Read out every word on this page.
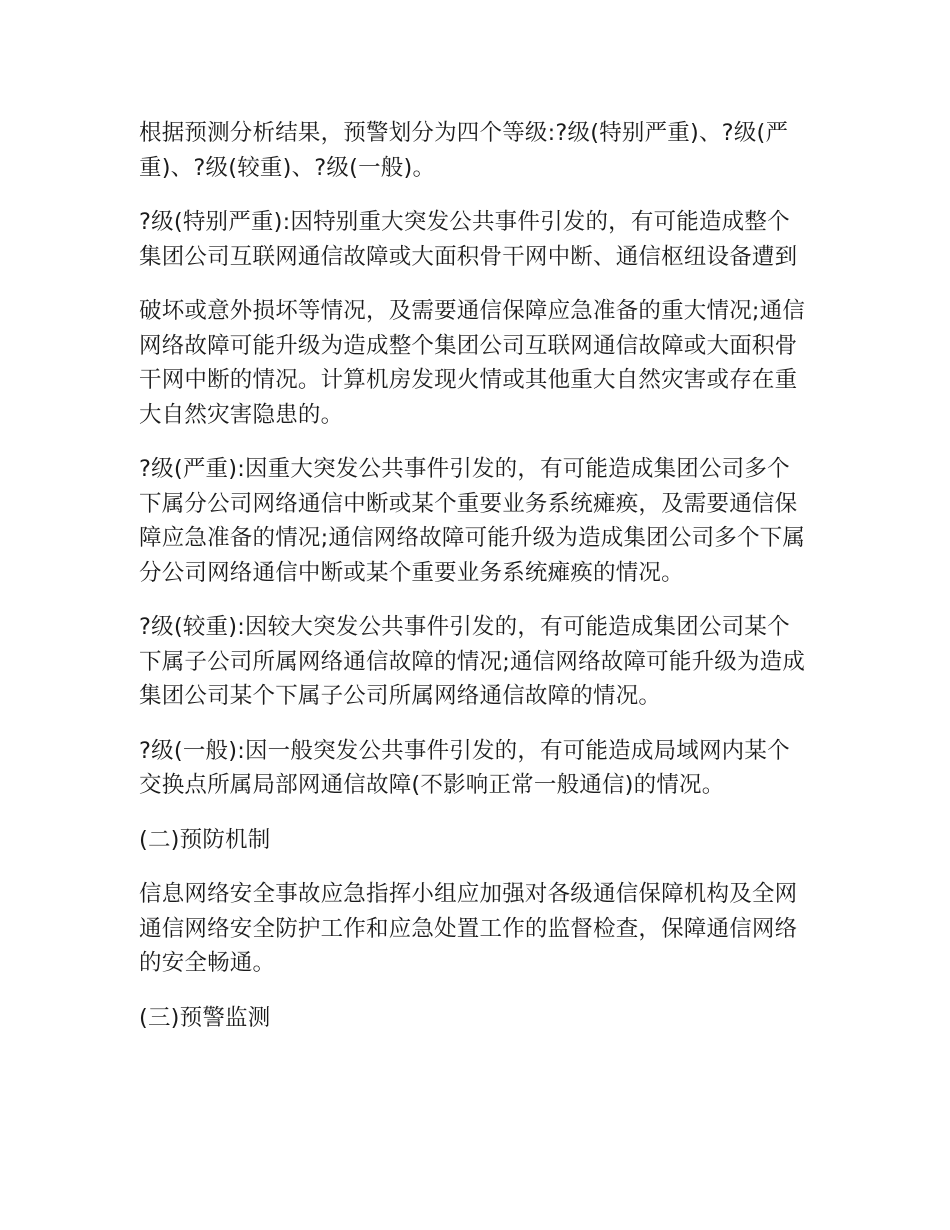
根据预测分析结果，预警划分为四个等级:?级(特别严重)、?级(严重)、?级(较重)、?级(一般)。

?级(特别严重):因特别重大突发公共事件引发的，有可能造成整个集团公司互联网通信故障或大面积骨干网中断、通信枢纽设备遭到

破坏或意外损坏等情况，及需要通信保障应急准备的重大情况;通信网络故障可能升级为造成整个集团公司互联网通信故障或大面积骨干网中断的情况。计算机房发现火情或其他重大自然灾害或存在重大自然灾害隐患的。

?级(严重):因重大突发公共事件引发的，有可能造成集团公司多个下属分公司网络通信中断或某个重要业务系统瘫痪，及需要通信保障应急准备的情况;通信网络故障可能升级为造成集团公司多个下属分公司网络通信中断或某个重要业务系统瘫痪的情况。

?级(较重):因较大突发公共事件引发的，有可能造成集团公司某个下属子公司所属网络通信故障的情况;通信网络故障可能升级为造成集团公司某个下属子公司所属网络通信故障的情况。

?级(一般):因一般突发公共事件引发的，有可能造成局域网内某个交换点所属局部网通信故障(不影响正常一般通信)的情况。

(二)预防机制

信息网络安全事故应急指挥小组应加强对各级通信保障机构及全网通信网络安全防护工作和应急处置工作的监督检查，保障通信网络的安全畅通。

(三)预警监测
